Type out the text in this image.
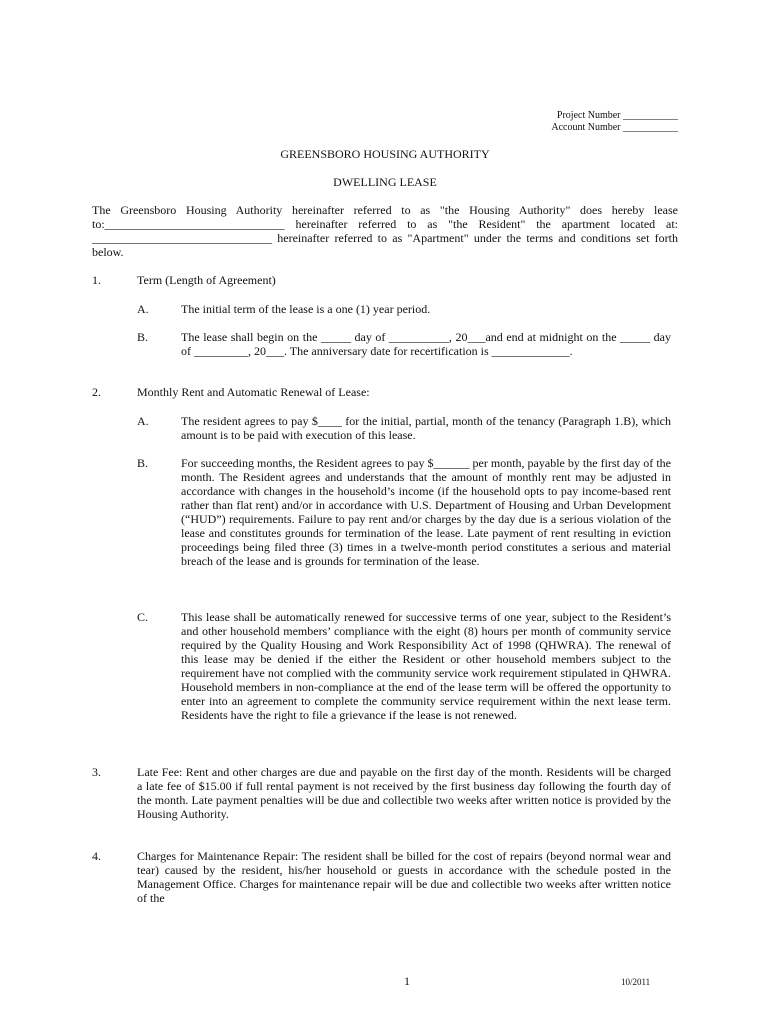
Project Number ___________
Account Number ___________
GREENSBORO HOUSING AUTHORITY
DWELLING LEASE
The Greensboro Housing Authority hereinafter referred to as "the Housing Authority" does hereby lease to:______________________________ hereinafter referred to as "the Resident" the apartment located at: ______________________________ hereinafter referred to as "Apartment" under the terms and conditions set forth below.
1.	Term (Length of Agreement)
A.	The initial term of the lease is a one (1) year period.
B.	The lease shall begin on the _____ day of __________, 20___and end at midnight on the _____ day of _________, 20___. The anniversary date for recertification is _____________.
2.	Monthly Rent and Automatic Renewal of Lease:
A.	The resident agrees to pay $____ for the initial, partial, month of the tenancy (Paragraph 1.B), which amount is to be paid with execution of this lease.
B.	For succeeding months, the Resident agrees to pay $______ per month, payable by the first day of the month. The Resident agrees and understands that the amount of monthly rent may be adjusted in accordance with changes in the household’s income (if the household opts to pay income-based rent rather than flat rent) and/or in accordance with U.S. Department of Housing and Urban Development (“HUD”) requirements. Failure to pay rent and/or charges by the day due is a serious violation of the lease and constitutes grounds for termination of the lease. Late payment of rent resulting in eviction proceedings being filed three (3) times in a twelve-month period constitutes a serious and material breach of the lease and is grounds for termination of the lease.
C.	This lease shall be automatically renewed for successive terms of one year, subject to the Resident’s and other household members’ compliance with the eight (8) hours per month of community service required by the Quality Housing and Work Responsibility Act of 1998 (QHWRA). The renewal of this lease may be denied if the either the Resident or other household members subject to the requirement have not complied with the community service work requirement stipulated in QHWRA. Household members in non-compliance at the end of the lease term will be offered the opportunity to enter into an agreement to complete the community service requirement within the next lease term. Residents have the right to file a grievance if the lease is not renewed.
3.	Late Fee: Rent and other charges are due and payable on the first day of the month. Residents will be charged a late fee of $15.00 if full rental payment is not received by the first business day following the fourth day of the month. Late payment penalties will be due and collectible two weeks after written notice is provided by the Housing Authority.
4.	Charges for Maintenance Repair: The resident shall be billed for the cost of repairs (beyond normal wear and tear) caused by the resident, his/her household or guests in accordance with the schedule posted in the Management Office. Charges for maintenance repair will be due and collectible two weeks after written notice of the
1	10/2011
